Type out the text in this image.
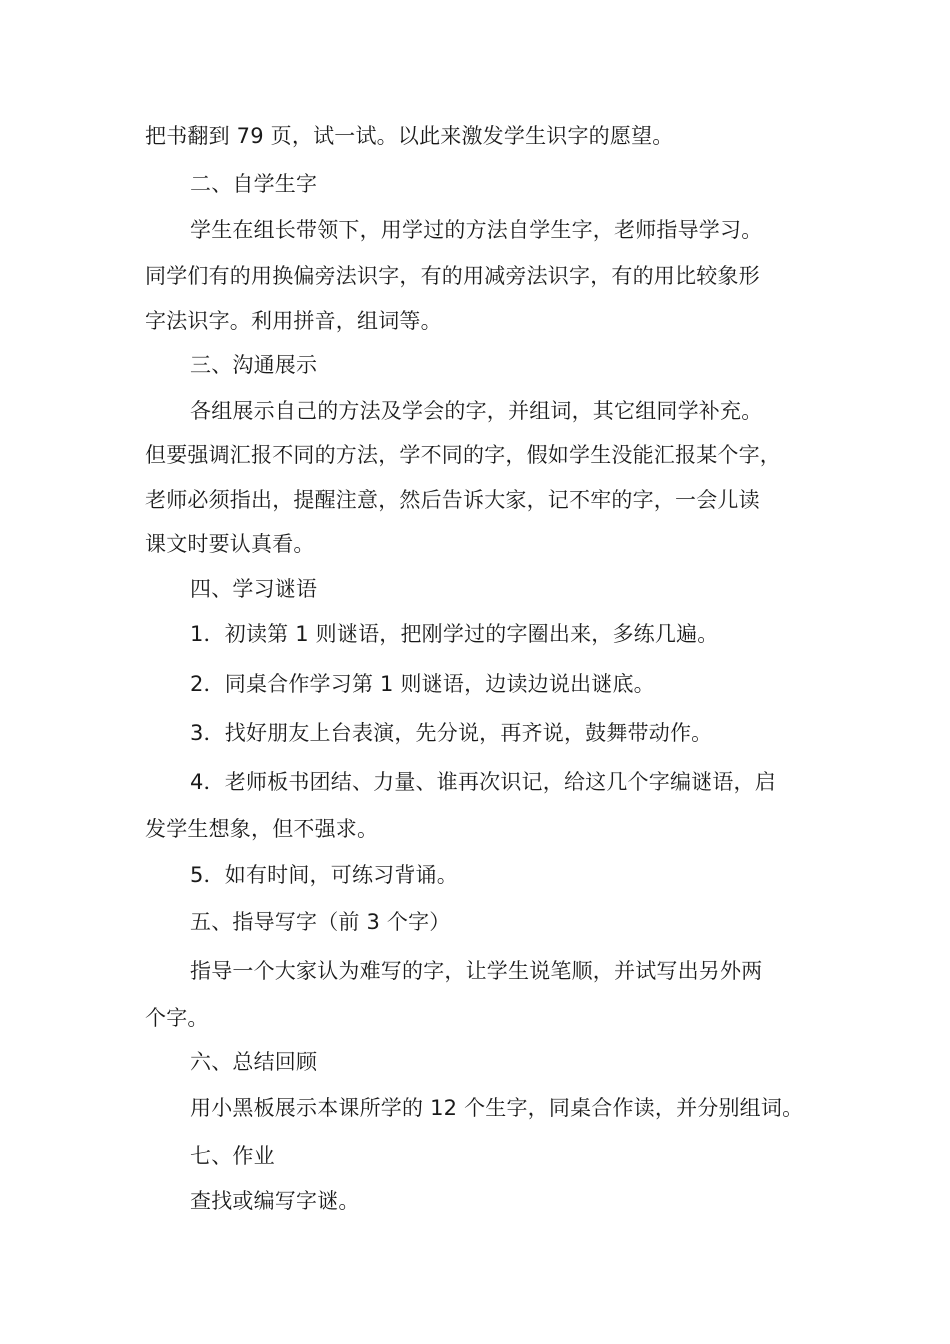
把书翻到 79 页，试一试。以此来激发学生识字的愿望。
二、自学生字
学生在组长带领下，用学过的方法自学生字，老师指导学习。
同学们有的用换偏旁法识字，有的用减旁法识字，有的用比较象形
字法识字。利用拼音，组词等。
三、沟通展示
各组展示自己的方法及学会的字，并组词，其它组同学补充。
但要强调汇报不同的方法，学不同的字，假如学生没能汇报某个字，
老师必须指出，提醒注意，然后告诉大家，记不牢的字，一会儿读
课文时要认真看。
四、学习谜语
1．初读第 1 则谜语，把刚学过的字圈出来，多练几遍。
2．同桌合作学习第 1 则谜语，边读边说出谜底。
3．找好朋友上台表演，先分说，再齐说，鼓舞带动作。
4．老师板书团结、力量、谁再次识记，给这几个字编谜语，启
发学生想象，但不强求。
5．如有时间，可练习背诵。
五、指导写字（前 3 个字）
指导一个大家认为难写的字，让学生说笔顺，并试写出另外两
个字。
六、总结回顾
用小黑板展示本课所学的 12 个生字，同桌合作读，并分别组词。
七、作业
查找或编写字谜。
